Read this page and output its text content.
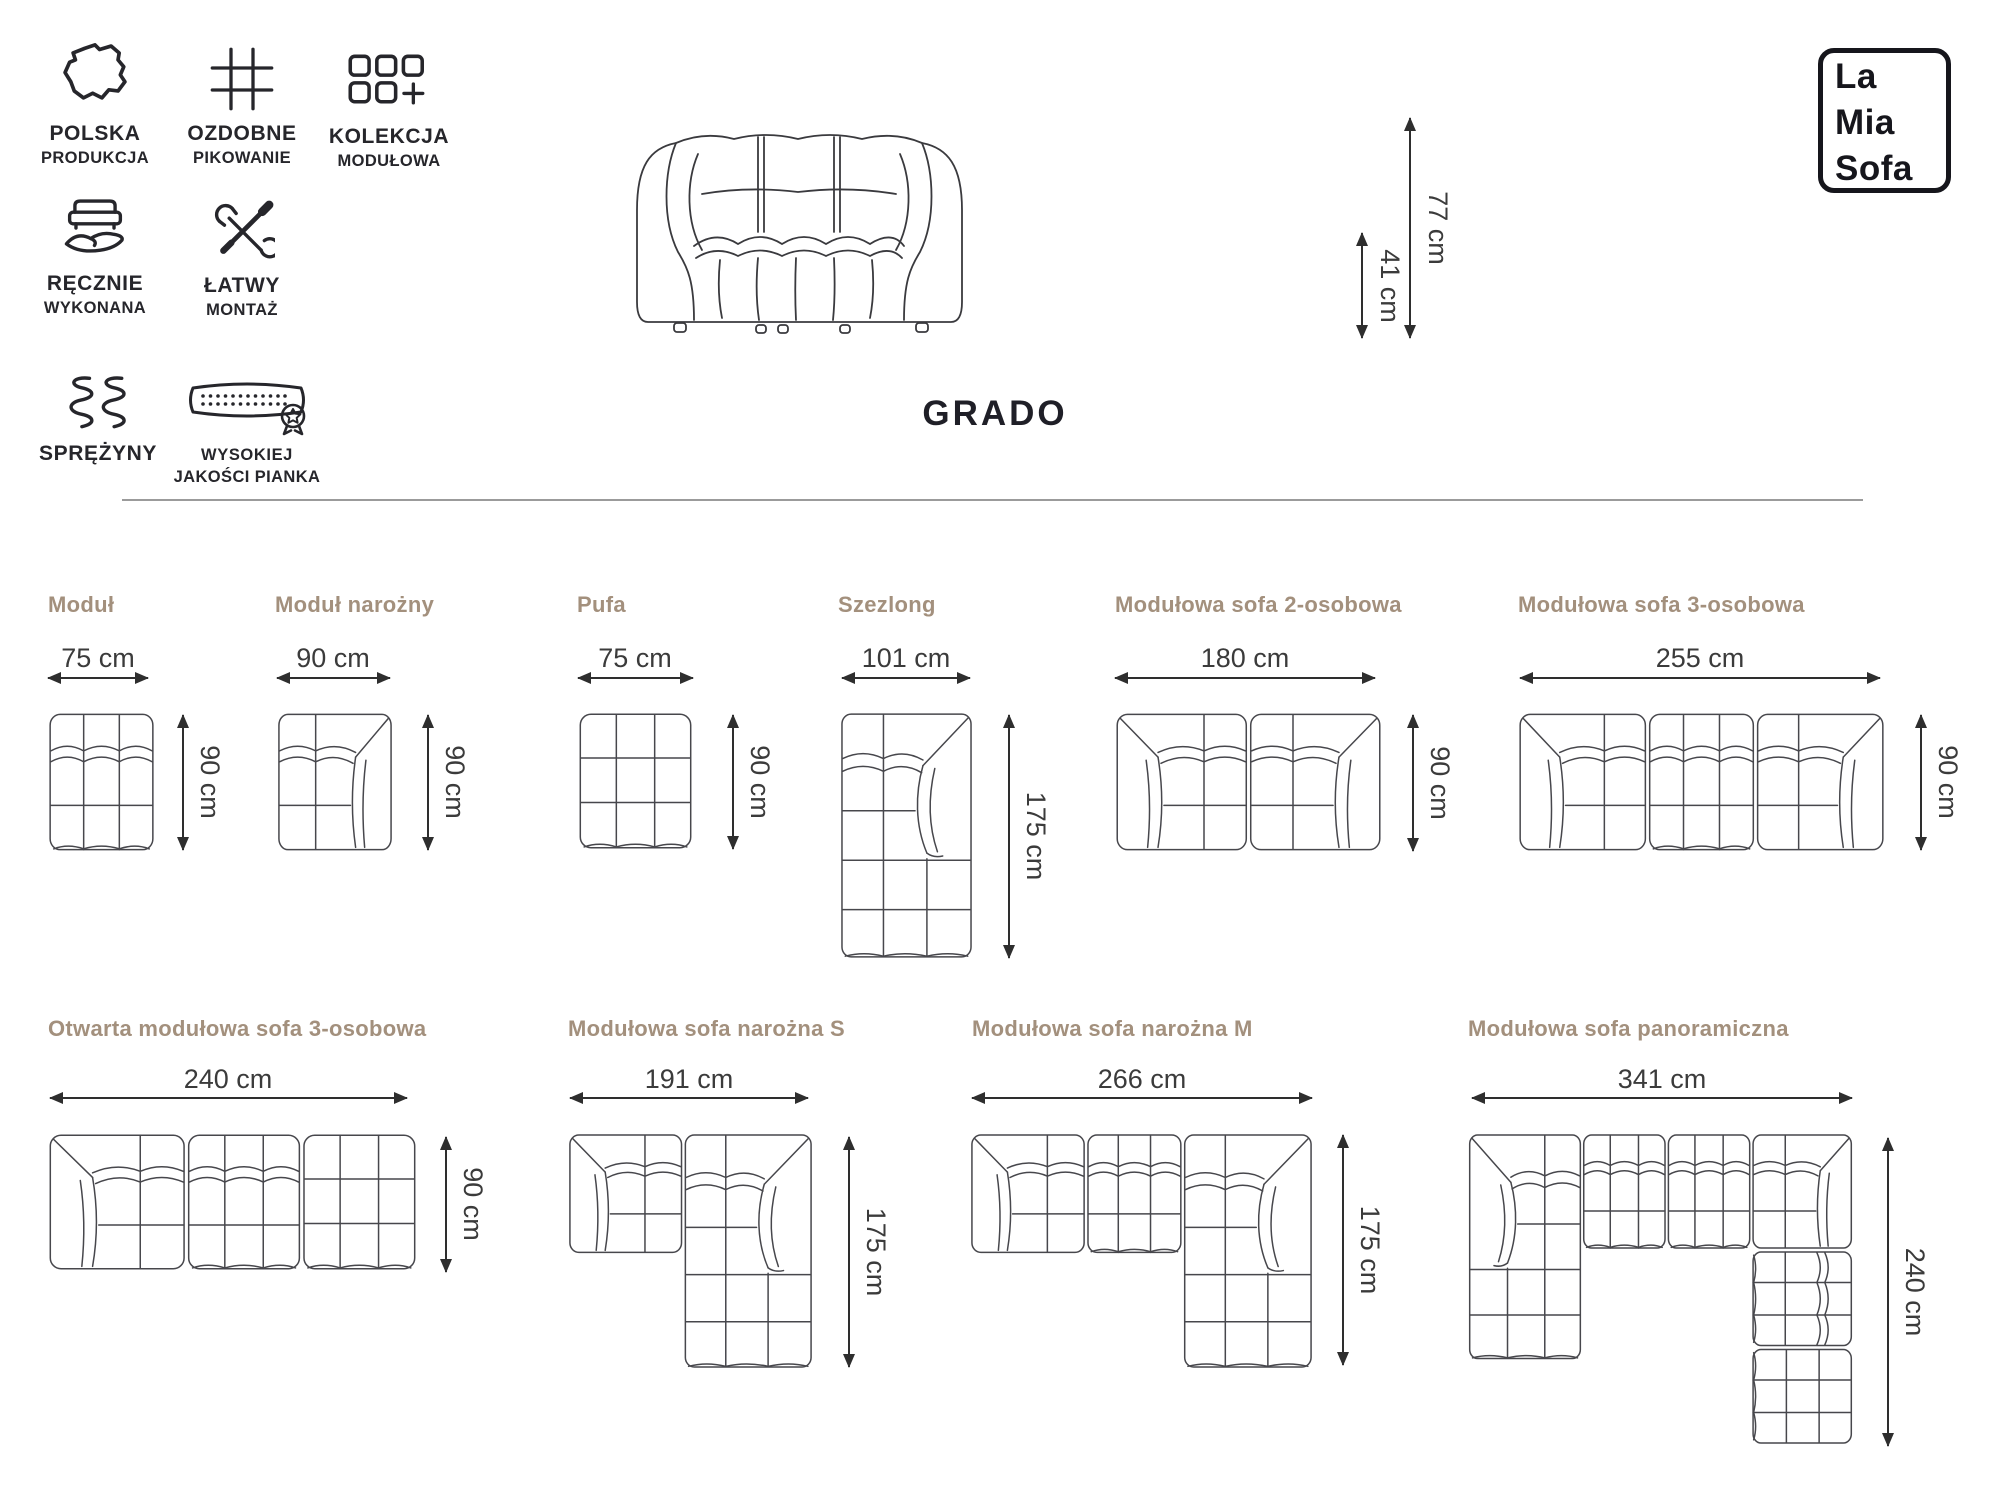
POLSKA
PRODUKCJA
OZDOBNE
PIKOWANIE
KOLEKCJA
MODUŁOWA
RĘCZNIE
WYKONANA
ŁATWY
MONTAŻ
SPRĘŻYNY	WYSOKIEJ
JAKOŚCI PIANKA
La
Mia
Sofa
41 cm
77 cm
GRADO
Moduł
75 cm
90 cm
Moduł narożny
90 cm
90 cm
Pufa
75 cm
90 cm
Szezlong
101 cm
175 cm
Modułowa sofa 2-osobowa
180 cm
90 cm
Modułowa sofa 3-osobowa
255 cm
90 cm
Otwarta modułowa sofa 3-osobowa
240 cm
90 cm
Modułowa sofa narożna S
191 cm
175 cm
Modułowa sofa narożna M
266 cm
175 cm
Modułowa sofa panoramiczna
341 cm
240 cm
